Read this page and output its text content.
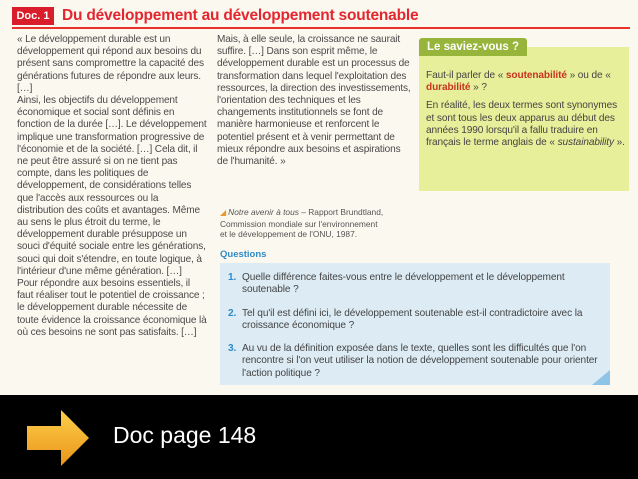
Doc. 1 Du développement au développement soutenable

« Le développement durable est un développement qui répond aux besoins du présent sans compromettre la capacité des générations futures de répondre aux leurs. […]

Ainsi, les objectifs du développement économique et social sont définis en fonction de la durée […]. Le développement implique une transformation progressive de l'économie et de la société. […] Cela dit, il ne peut être assuré si on ne tient pas compte, dans les politiques de développement, de considérations telles que l'accès aux ressources ou la distribution des coûts et avantages. Même au sens le plus étroit du terme, le développement durable présuppose un souci d'équité sociale entre les générations, souci qui doit s'étendre, en toute logique, à l'intérieur d'une même génération. […]

Pour répondre aux besoins essentiels, il faut réaliser tout le potentiel de croissance ; le développement durable nécessite de toute évidence la croissance économique là où ces besoins ne sont pas satisfaits. […]

Mais, à elle seule, la croissance ne saurait suffire. […] Dans son esprit même, le développement durable est un processus de transformation dans lequel l'exploitation des ressources, la direction des investissements, l'orientation des techniques et les changements institutionnels se font de manière harmonieuse et renforcent le potentiel présent et à venir permettant de mieux répondre aux besoins et aspirations de l'humanité. »

◢ Notre avenir à tous – Rapport Brundtland,
Commission mondiale sur l'environnement
et le développement de l'ONU, 1987.
Le saviez-vous ?

Faut-il parler de « soutenabilité » ou de « durabilité » ?

En réalité, les deux termes sont synonymes et sont tous les deux apparus au début des années 1990 lorsqu'il a fallu traduire en français le terme anglais de « sustainability ».

Questions
1. Quelle différence faites-vous entre le développement et le développement soutenable ?
2. Tel qu'il est défini ici, le développement soutenable est-il contradictoire avec la croissance économique ?
3. Au vu de la définition exposée dans le texte, quelles sont les difficultés que l'on rencontre si l'on veut utiliser la notion de développement soutenable pour orienter l'action politique ?
Doc page 148
